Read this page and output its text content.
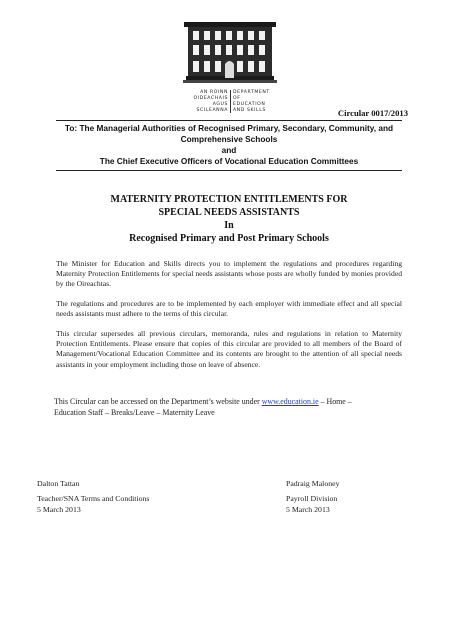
AN ROINN
OIDEACHAIS
AGUS SCILEANNA
DEPARTMENT OF
EDUCATION
AND SKILLS	Circular 0017/2013
To: The Managerial Authorities of Recognised Primary, Secondary, Community, and
Comprehensive Schools
and
The Chief Executive Officers of Vocational Education Committees
MATERNITY PROTECTION ENTITLEMENTS FOR
SPECIAL NEEDS ASSISTANTS
In
Recognised Primary and Post Primary Schools
The Minister for Education and Skills directs you to implement the regulations and procedures regarding Maternity Protection Entitlements for special needs assistants whose posts are wholly funded by monies provided by the Oireachtas.
The regulations and procedures are to be implemented by each employer with immediate effect and all special needs assistants must adhere to the terms of this circular.
This circular supersedes all previous circulars, memoranda, rules and regulations in relation to Maternity Protection Entitlements. Please ensure that copies of this circular are provided to all members of the Board of Management/Vocational Education Committee and its contents are brought to the attention of all special needs assistants in your employment including those on leave of absence.
This Circular can be accessed on the Department’s website under www.education.ie – Home –
Education Staff – Breaks/Leave – Maternity Leave
Dalton Tattan
Teacher/SNA Terms and Conditions
5 March 2013
Padraig Maloney
Payroll Division
5 March 2013
